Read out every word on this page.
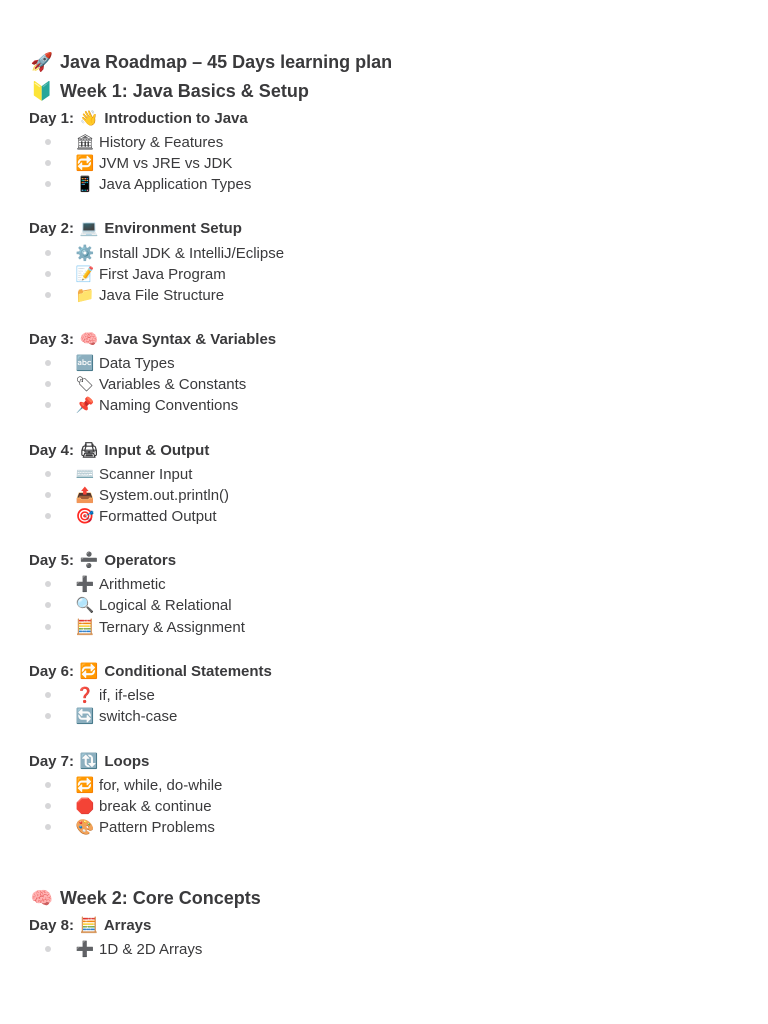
🚀 Java Roadmap – 45 Days learning plan
🔰 Week 1: Java Basics & Setup
Day 1: 👋 Introduction to Java
🏛 History & Features
🔁 JVM vs JRE vs JDK
📱 Java Application Types
Day 2: 💻 Environment Setup
⚙️ Install JDK & IntelliJ/Eclipse
📝 First Java Program
📁 Java File Structure
Day 3: 🧠 Java Syntax & Variables
🔤 Data Types
🏷 Variables & Constants
📌 Naming Conventions
Day 4: 🖨 Input & Output
⌨️ Scanner Input
📤 System.out.println()
🎯 Formatted Output
Day 5: ➗ Operators
➕ Arithmetic
🔍 Logical & Relational
🧮 Ternary & Assignment
Day 6: 🔁 Conditional Statements
❓ if, if-else
🔄 switch-case
Day 7: 🔃 Loops
🔁 for, while, do-while
🛑 break & continue
🎨 Pattern Problems
🧠 Week 2: Core Concepts
Day 8: 🧮 Arrays
➕ 1D & 2D Arrays
